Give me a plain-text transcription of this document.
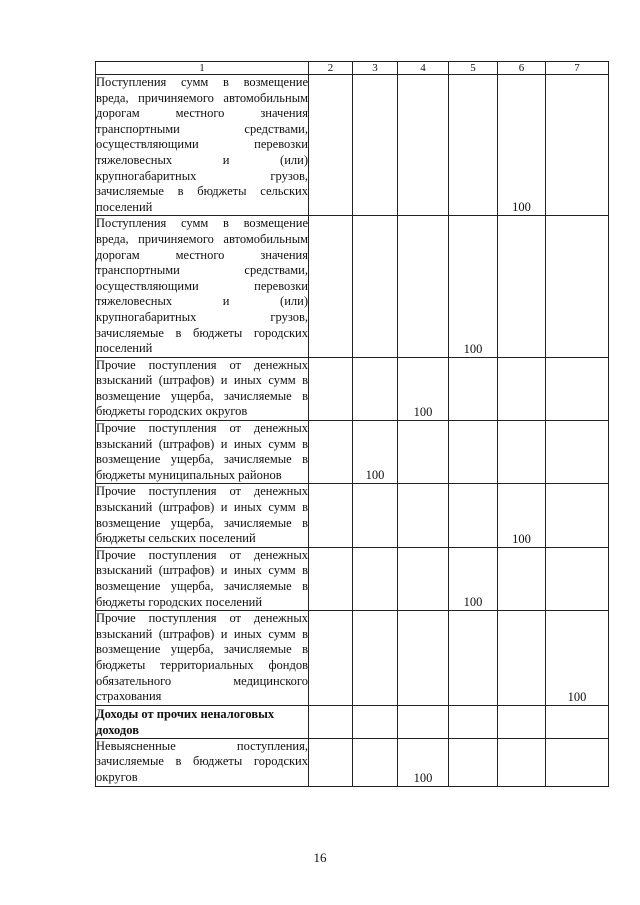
1	2	3	4	5	6	7
Поступления сумм в возмещение вреда, причиняемого автомобильным дорогам местного значения транспортными средствами, осуществляющими перевозки тяжеловесных и (или) крупногабаритных грузов, зачисляемые в бюджеты сельских поселений					100	
Поступления сумм в возмещение вреда, причиняемого автомобильным дорогам местного значения транспортными средствами, осуществляющими перевозки тяжеловесных и (или) крупногабаритных грузов, зачисляемые в бюджеты городских поселений				100		
Прочие поступления от денежных взысканий (штрафов) и иных сумм в возмещение ущерба, зачисляемые в бюджеты городских округов			100			
Прочие поступления от денежных взысканий (штрафов) и иных сумм в возмещение ущерба, зачисляемые в бюджеты муниципальных районов		100				
Прочие поступления от денежных взысканий (штрафов) и иных сумм в возмещение ущерба, зачисляемые в бюджеты сельских поселений					100	
Прочие поступления от денежных взысканий (штрафов) и иных сумм в возмещение ущерба, зачисляемые в бюджеты городских поселений				100		
Прочие поступления от денежных взысканий (штрафов) и иных сумм в возмещение ущерба, зачисляемые в бюджеты территориальных фондов обязательного медицинского страхования						100
Доходы от прочих неналоговых доходов						
Невыясненные поступления, зачисляемые в бюджеты городских округов			100			
16
